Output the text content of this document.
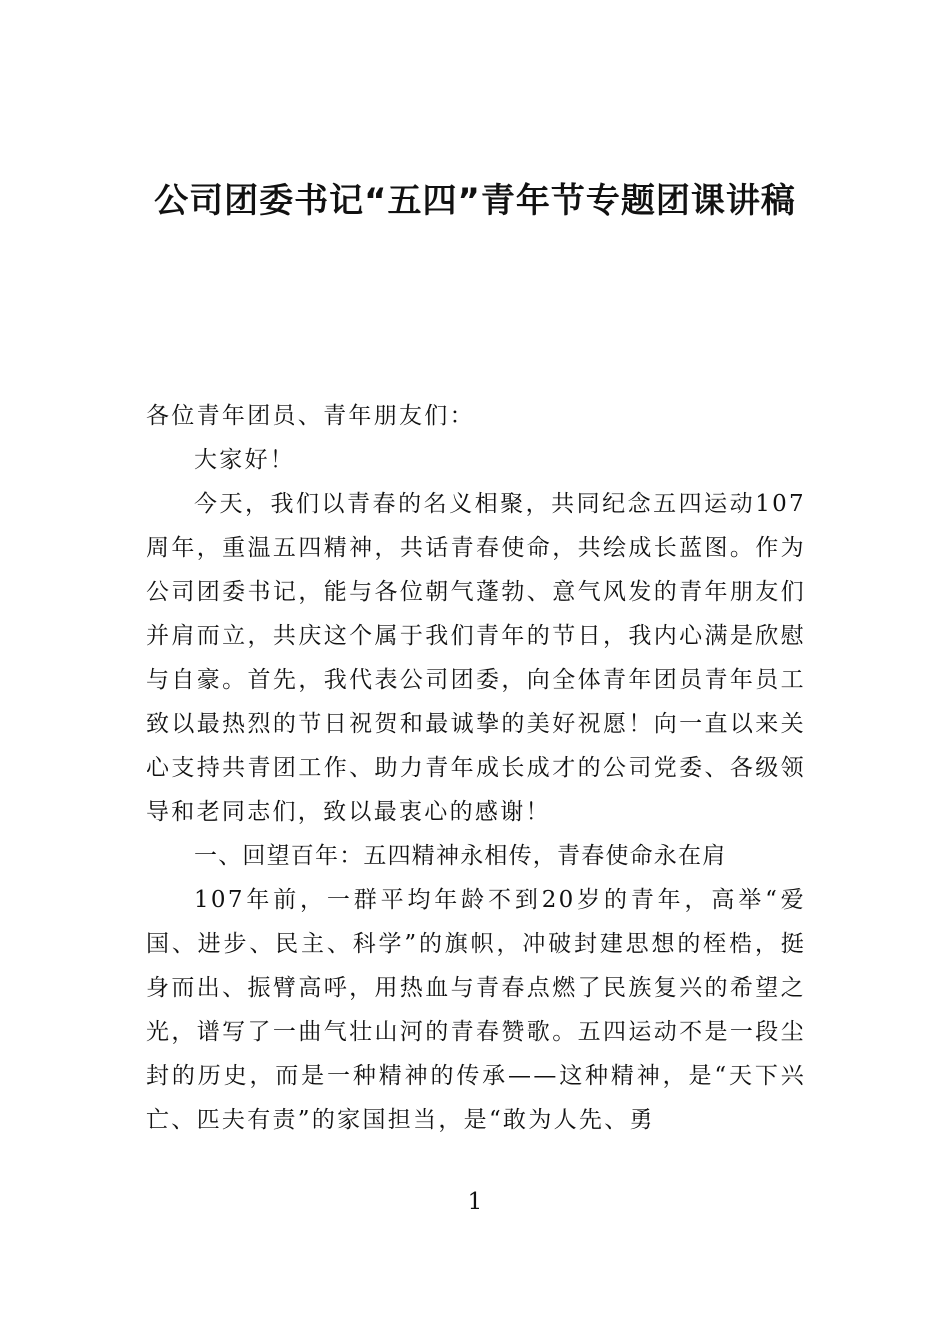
公司团委书记“五四”青年节专题团课讲稿

各位青年团员、青年朋友们：

大家好！

今天，我们以青春的名义相聚，共同纪念五四运动107周年，重温五四精神，共话青春使命，共绘成长蓝图。作为公司团委书记，能与各位朝气蓬勃、意气风发的青年朋友们并肩而立，共庆这个属于我们青年的节日，我内心满是欣慰与自豪。首先，我代表公司团委，向全体青年团员青年员工致以最热烈的节日祝贺和最诚挚的美好祝愿！向一直以来关心支持共青团工作、助力青年成长成才的公司党委、各级领导和老同志们，致以最衷心的感谢！

一、回望百年：五四精神永相传，青春使命永在肩

107年前，一群平均年龄不到20岁的青年，高举“爱国、进步、民主、科学”的旗帜，冲破封建思想的桎梏，挺身而出、振臂高呼，用热血与青春点燃了民族复兴的希望之光，谱写了一曲气壮山河的青春赞歌。五四运动不是一段尘封的历史，而是一种精神的传承——这种精神，是“天下兴亡、匹夫有责”的家国担当，是“敢为人先、勇

1
